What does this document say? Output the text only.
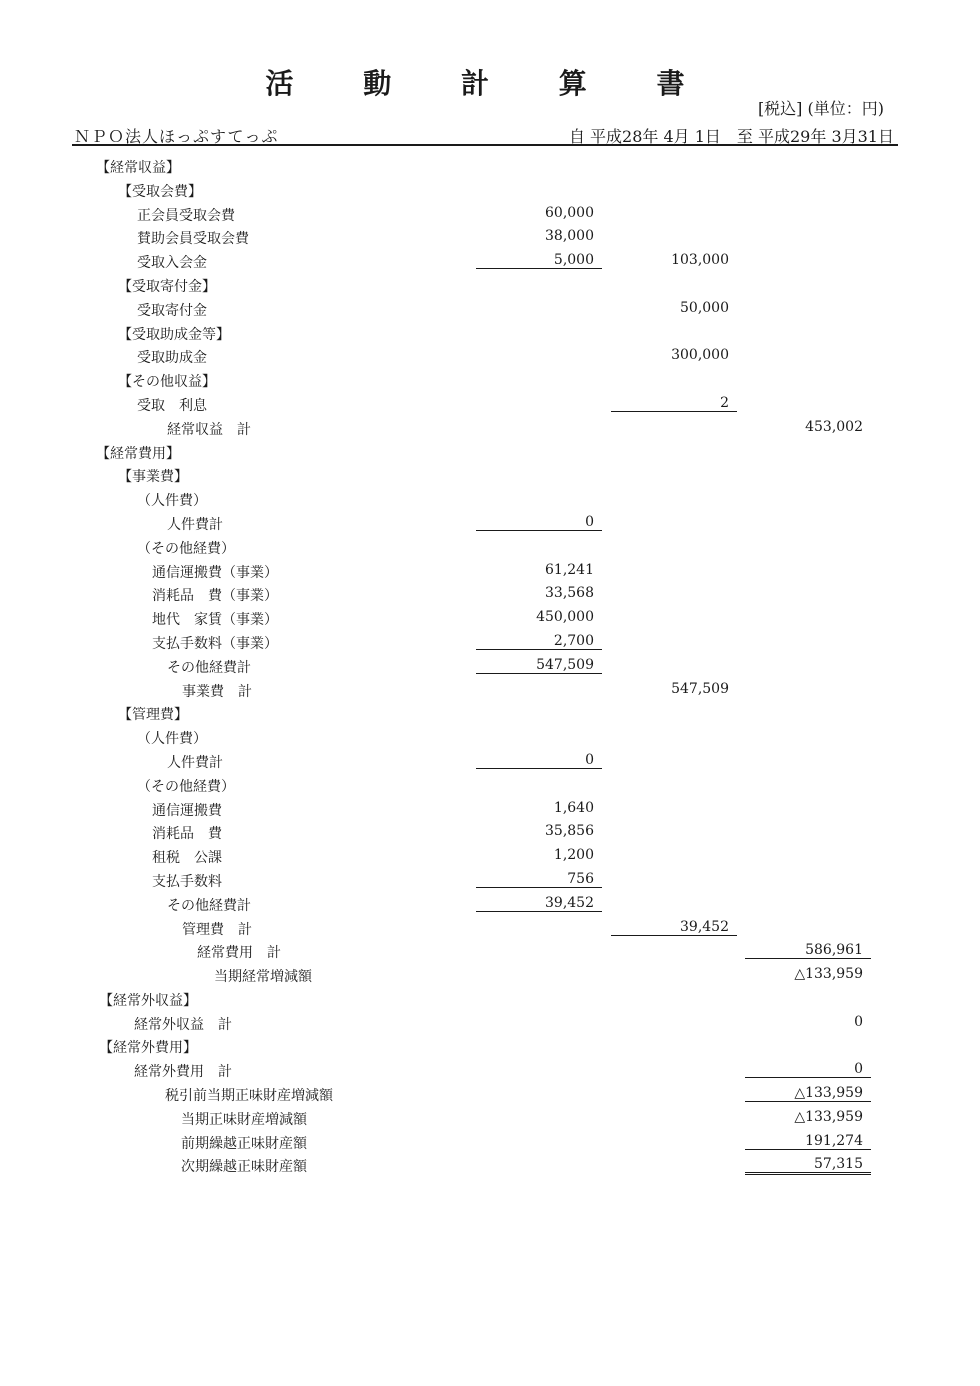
活 動 計 算 書
[税込] (単位：円)
ＮＰＯ法人ほっぷすてっぷ	自 平成28年 4月 1日　至 平成29年 3月31日
【経常収益】
【受取会費】
正会員受取会費	60,000
賛助会員受取会費	38,000
受取入会金	5,000	103,000
【受取寄付金】
受取寄付金	50,000
【受取助成金等】
受取助成金	300,000
【その他収益】
受取　利息	2
経常収益　計	453,002
【経常費用】
【事業費】
（人件費）
人件費計	0
（その他経費）
通信運搬費（事業）	61,241
消耗品　費（事業）	33,568
地代　家賃（事業）	450,000
支払手数料（事業）	2,700
その他経費計	547,509
事業費　計	547,509
【管理費】
（人件費）
人件費計	0
（その他経費）
通信運搬費	1,640
消耗品　費	35,856
租税　公課	1,200
支払手数料	756
その他経費計	39,452
管理費　計	39,452
経常費用　計	586,961
当期経常増減額	△133,959
【経常外収益】
経常外収益　計	0
【経常外費用】
経常外費用　計	0
税引前当期正味財産増減額	△133,959
当期正味財産増減額	△133,959
前期繰越正味財産額	191,274
次期繰越正味財産額	57,315
